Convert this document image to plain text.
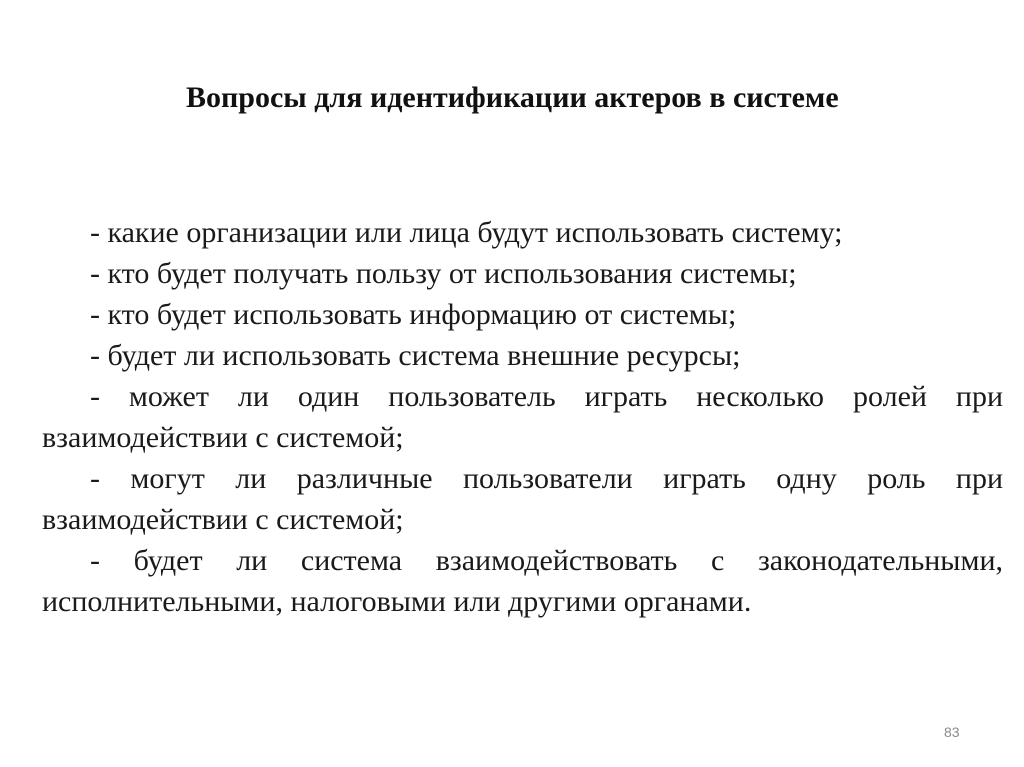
Вопросы для идентификации актеров в системе

- какие организации или лица будут использовать систему;

- кто будет получать пользу от использования системы;

- кто будет использовать информацию от системы;

- будет ли использовать система внешние ресурсы;

- может ли один пользователь играть несколько ролей при взаимодействии с системой;

- могут ли различные пользователи играть одну роль при взаимодействии с системой;

- будет ли система взаимодействовать с законодательными, исполнительными, налоговыми или другими органами.

83
